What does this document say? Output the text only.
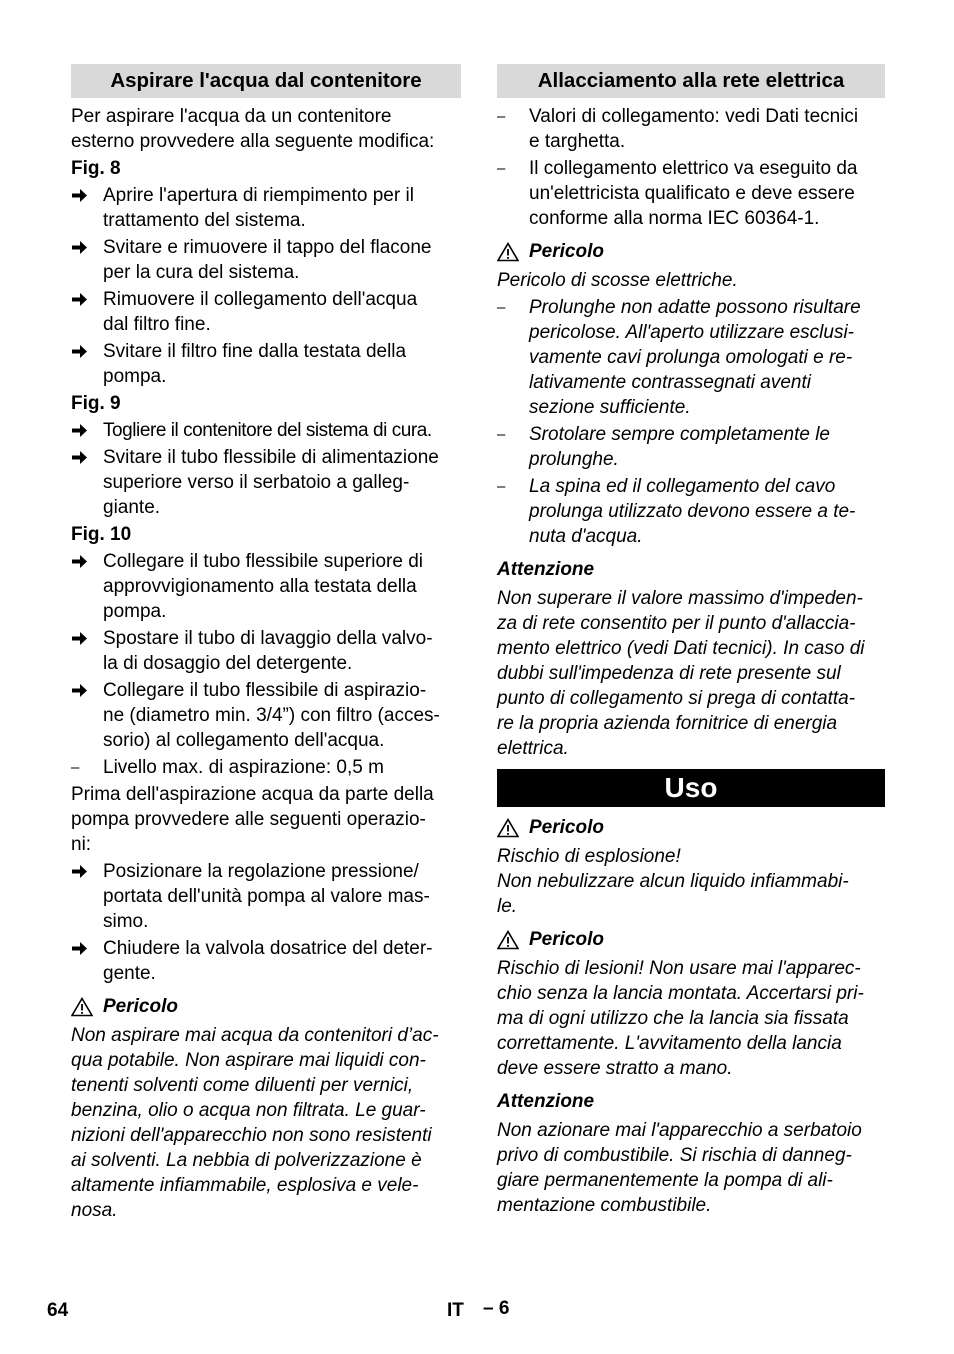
Aspirare l'acqua dal contenitore

Per aspirare l'acqua da un contenitore
esterno provvedere alla seguente modifica:

Fig. 8

Aprire l'apertura di riempimento per il
trattamento del sistema.
Svitare e rimuovere il tappo del flacone
per la cura del sistema.
Rimuovere il collegamento dell'acqua
dal filtro fine.
Svitare il filtro fine dalla testata della
pompa.

Fig. 9

Togliere il contenitore del sistema di cura.
Svitare il tubo flessibile di alimentazione
superiore verso il serbatoio a galleg-
giante.

Fig. 10

Collegare il tubo flessibile superiore di
approvvigionamento alla testata della
pompa.
Spostare il tubo di lavaggio della valvo-
la di dosaggio del detergente.
Collegare il tubo flessibile di aspirazio-
ne (diametro min. 3/4”) con filtro (acces-
sorio) al collegamento dell'acqua.
–	Livello max. di aspirazione: 0,5 m

Prima dell'aspirazione acqua da parte della
pompa provvedere alle seguenti operazio-
ni:

Posizionare la regolazione pressione/
portata dell'unità pompa al valore mas-
simo.
Chiudere la valvola dosatrice del deter-
gente.
Pericolo

Non aspirare mai acqua da contenitori d’ac-
qua potabile. Non aspirare mai liquidi con-
tenenti solventi come diluenti per vernici,
benzina, olio o acqua non filtrata. Le guar-
nizioni dell'apparecchio non sono resistenti
ai solventi. La nebbia di polverizzazione è
altamente infiammabile, esplosiva e vele-
nosa.

Allacciamento alla rete elettrica
–	Valori di collegamento: vedi Dati tecnici
e targhetta.
–	Il collegamento elettrico va eseguito da
un'elettricista qualificato e deve essere
conforme alla norma IEC 60364-1.
Pericolo

Pericolo di scosse elettriche.

–	Prolunghe non adatte possono risultare
pericolose. All'aperto utilizzare esclusi-
vamente cavi prolunga omologati e re-
lativamente contrassegnati aventi
sezione sufficiente.
–	Srotolare sempre completamente le
prolunghe.
–	La spina ed il collegamento del cavo
prolunga utilizzato devono essere a te-
nuta d'acqua.
Attenzione

Non superare il valore massimo d'impeden-
za di rete consentito per il punto d'allaccia-
mento elettrico (vedi Dati tecnici). In caso di
dubbi sull'impedenza di rete presente sul
punto di collegamento si prega di contatta-
re la propria azienda fornitrice di energia
elettrica.

Uso
Pericolo

Rischio di esplosione!
Non nebulizzare alcun liquido infiammabi-
le.

Pericolo

Rischio di lesioni! Non usare mai l'apparec-
chio senza la lancia montata. Accertarsi pri-
ma di ogni utilizzo che la lancia sia fissata
correttamente. L'avvitamento della lancia
deve essere stratto a mano.

Attenzione

Non azionare mai l'apparecchio a serbatoio
privo di combustibile. Si rischia di danneg-
giare permanentemente la pompa di ali-
mentazione combustibile.

64	IT – 6
